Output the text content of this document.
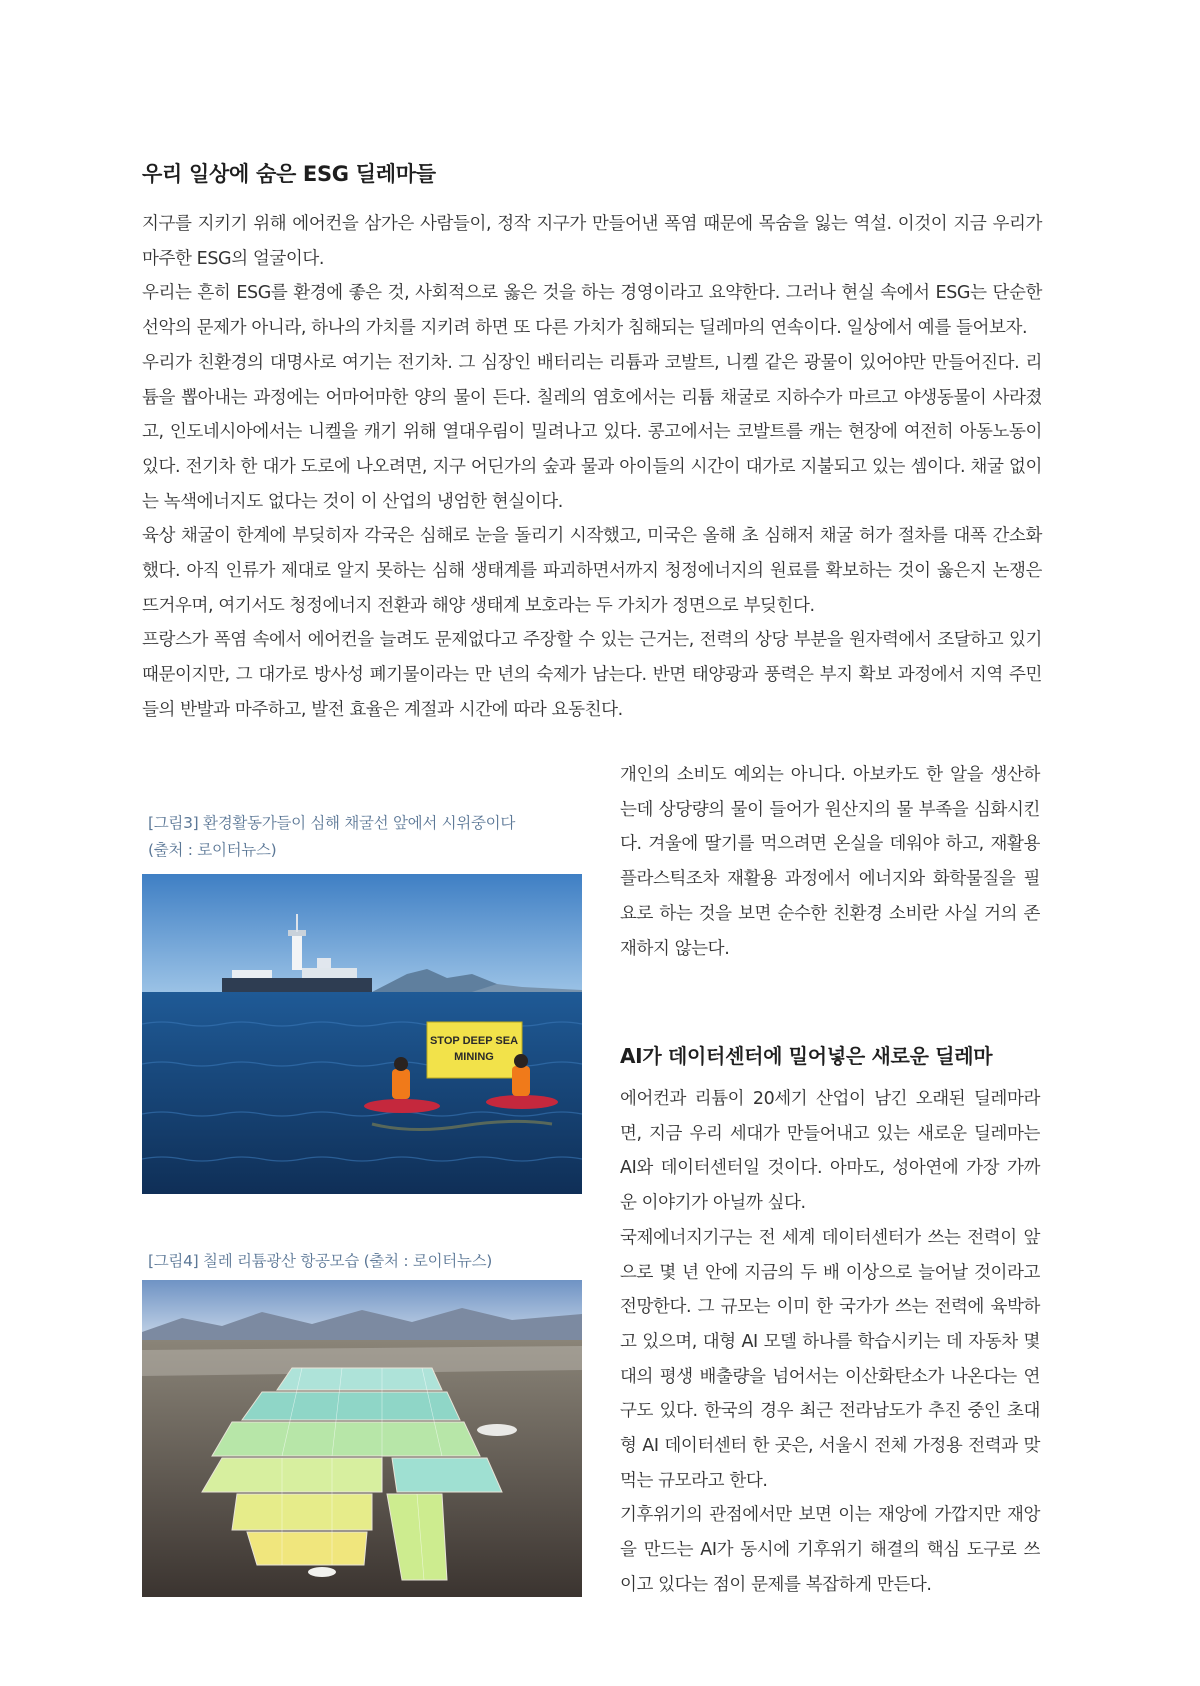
우리 일상에 숨은 ESG 딜레마들

지구를 지키기 위해 에어컨을 삼가은 사람들이, 정작 지구가 만들어낸 폭염 때문에 목숨을 잃는 역설. 이것이 지금 우리가 마주한 ESG의 얼굴이다.

우리는 흔히 ESG를 환경에 좋은 것, 사회적으로 옳은 것을 하는 경영이라고 요약한다. 그러나 현실 속에서 ESG는 단순한 선악의 문제가 아니라, 하나의 가치를 지키려 하면 또 다른 가치가 침해되는 딜레마의 연속이다. 일상에서 예를 들어보자.

우리가 친환경의 대명사로 여기는 전기차. 그 심장인 배터리는 리튬과 코발트, 니켈 같은 광물이 있어야만 만들어진다. 리튬을 뽑아내는 과정에는 어마어마한 양의 물이 든다. 칠레의 염호에서는 리튬 채굴로 지하수가 마르고 야생동물이 사라졌고, 인도네시아에서는 니켈을 캐기 위해 열대우림이 밀려나고 있다. 콩고에서는 코발트를 캐는 현장에 여전히 아동노동이 있다. 전기차 한 대가 도로에 나오려면, 지구 어딘가의 숲과 물과 아이들의 시간이 대가로 지불되고 있는 셈이다. 채굴 없이는 녹색에너지도 없다는 것이 이 산업의 냉엄한 현실이다.

육상 채굴이 한계에 부딪히자 각국은 심해로 눈을 돌리기 시작했고, 미국은 올해 초 심해저 채굴 허가 절차를 대폭 간소화했다. 아직 인류가 제대로 알지 못하는 심해 생태계를 파괴하면서까지 청정에너지의 원료를 확보하는 것이 옳은지 논쟁은 뜨거우며, 여기서도 청정에너지 전환과 해양 생태계 보호라는 두 가치가 정면으로 부딪힌다.

프랑스가 폭염 속에서 에어컨을 늘려도 문제없다고 주장할 수 있는 근거는, 전력의 상당 부분을 원자력에서 조달하고 있기 때문이지만, 그 대가로 방사성 폐기물이라는 만 년의 숙제가 남는다. 반면 태양광과 풍력은 부지 확보 과정에서 지역 주민들의 반발과 마주하고, 발전 효율은 계절과 시간에 따라 요동친다.

[그림3] 환경활동가들이 심해 채굴선 앞에서 시위중이다
(출처 : 로이터뉴스)
STOP DEEP SEA
MINING
[그림4] 칠레 리튬광산 항공모습 (출처 : 로이터뉴스)

개인의 소비도 예외는 아니다. 아보카도 한 알을 생산하는데 상당량의 물이 들어가 원산지의 물 부족을 심화시킨다. 겨울에 딸기를 먹으려면 온실을 데워야 하고, 재활용 플라스틱조차 재활용 과정에서 에너지와 화학물질을 필요로 하는 것을 보면 순수한 친환경 소비란 사실 거의 존재하지 않는다.

AI가 데이터센터에 밀어넣은 새로운 딜레마

에어컨과 리튬이 20세기 산업이 남긴 오래된 딜레마라면, 지금 우리 세대가 만들어내고 있는 새로운 딜레마는 AI와 데이터센터일 것이다. 아마도, 성아연에 가장 가까운 이야기가 아닐까 싶다.

국제에너지기구는 전 세계 데이터센터가 쓰는 전력이 앞으로 몇 년 안에 지금의 두 배 이상으로 늘어날 것이라고 전망한다. 그 규모는 이미 한 국가가 쓰는 전력에 육박하고 있으며, 대형 AI 모델 하나를 학습시키는 데 자동차 몇 대의 평생 배출량을 넘어서는 이산화탄소가 나온다는 연구도 있다. 한국의 경우 최근 전라남도가 추진 중인 초대형 AI 데이터센터 한 곳은, 서울시 전체 가정용 전력과 맞먹는 규모라고 한다.

기후위기의 관점에서만 보면 이는 재앙에 가깝지만 재앙을 만드는 AI가 동시에 기후위기 해결의 핵심 도구로 쓰이고 있다는 점이 문제를 복잡하게 만든다.
